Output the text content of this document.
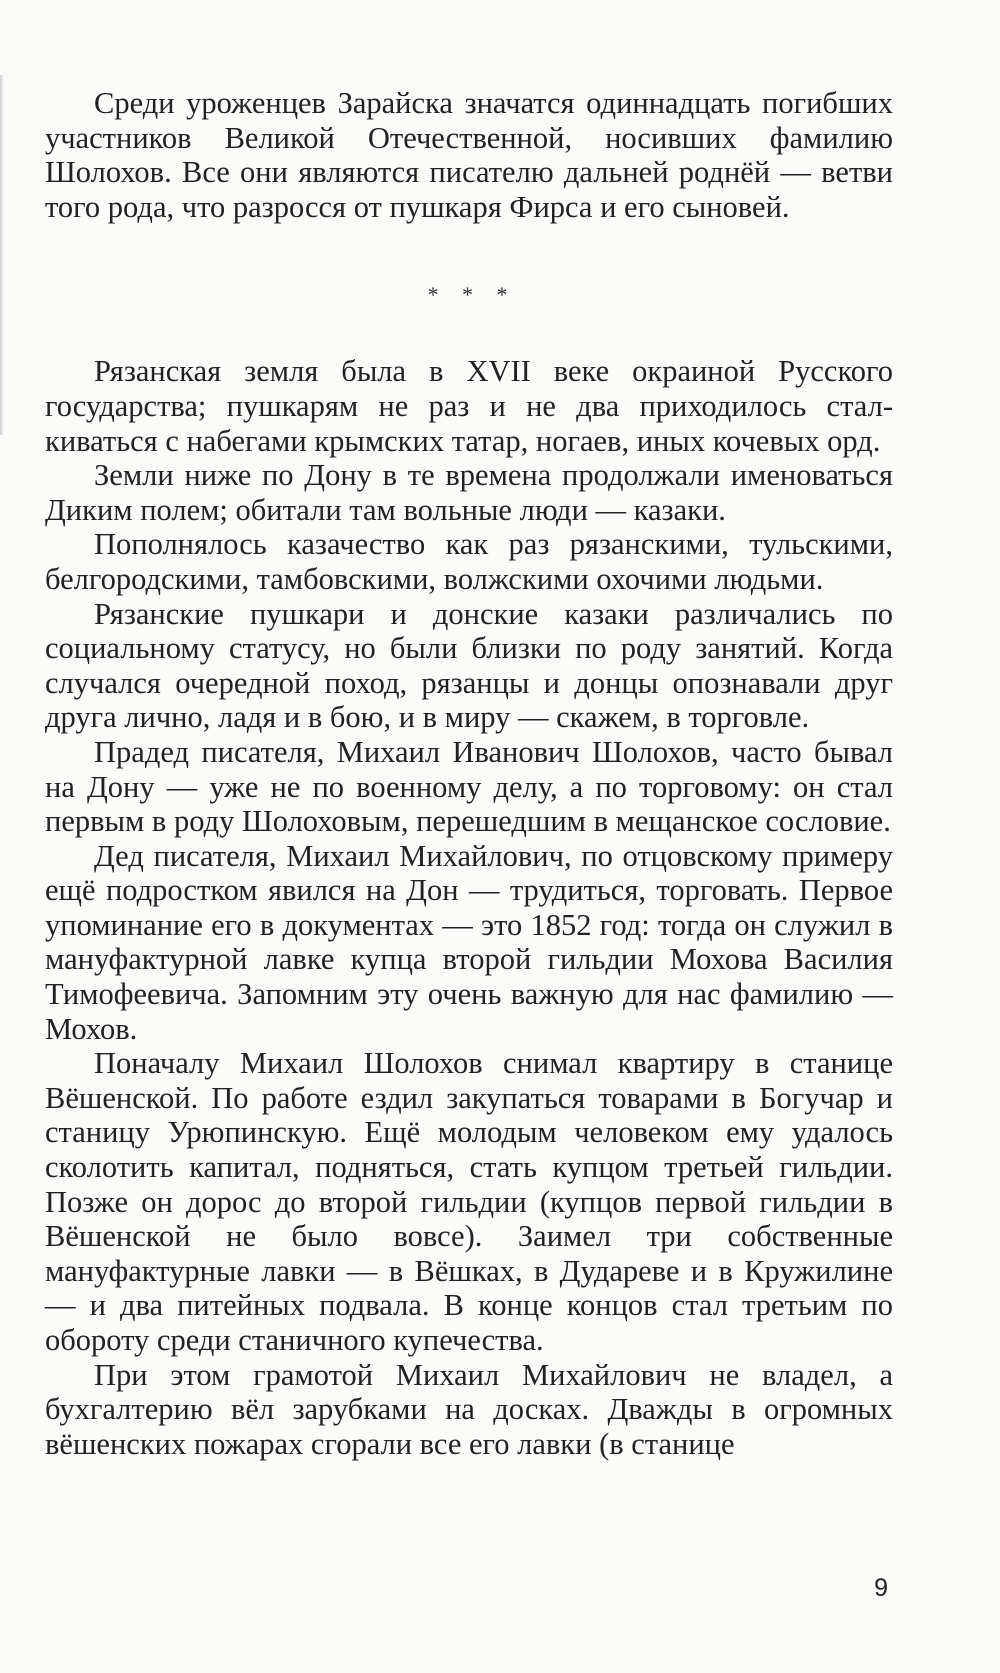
Среди уроженцев Зарайска значатся одиннадцать погибших участников Великой Отечественной, носивших фамилию Шолохов. Все они являются писателю дальней роднёй — ветви того рода, что разросся от пушкаря Фирса и его сыновей.

* * *

Рязанская земля была в XVII веке окраиной Русского государства; пушкарям не раз и не два приходилось сталкиваться с набегами крымских татар, ногаев, иных кочевых орд.

Земли ниже по Дону в те времена продолжали именоваться Диким полем; обитали там вольные люди — казаки.

Пополнялось казачество как раз рязанскими, тульскими, белгородскими, тамбовскими, волжскими охочими людьми.

Рязанские пушкари и донские казаки различались по социальному статусу, но были близки по роду занятий. Когда случался очередной поход, рязанцы и донцы опознавали друг друга лично, ладя и в бою, и в миру — скажем, в торговле.

Прадед писателя, Михаил Иванович Шолохов, часто бывал на Дону — уже не по военному делу, а по торговому: он стал первым в роду Шолоховым, перешедшим в мещанское сословие.

Дед писателя, Михаил Михайлович, по отцовскому примеру ещё подростком явился на Дон — трудиться, торговать. Первое упоминание его в документах — это 1852 год: тогда он служил в мануфактурной лавке купца второй гильдии Мохова Василия Тимофеевича. Запомним эту очень важную для нас фамилию — Мохов.

Поначалу Михаил Шолохов снимал квартиру в станице Вёшенской. По работе ездил закупаться товарами в Богучар и станицу Урюпинскую. Ещё молодым человеком ему удалось сколотить капитал, подняться, стать купцом третьей гильдии. Позже он дорос до второй гильдии (купцов первой гильдии в Вёшенской не было вовсе). Заимел три собственные мануфактурные лавки — в Вёшках, в Дудареве и в Кружилине — и два питейных подвала. В конце концов стал третьим по обороту среди станичного купечества.

При этом грамотой Михаил Михайлович не владел, а бухгалтерию вёл зарубками на досках. Дважды в огромных вёшенских пожарах сгорали все его лавки (в станице

9
